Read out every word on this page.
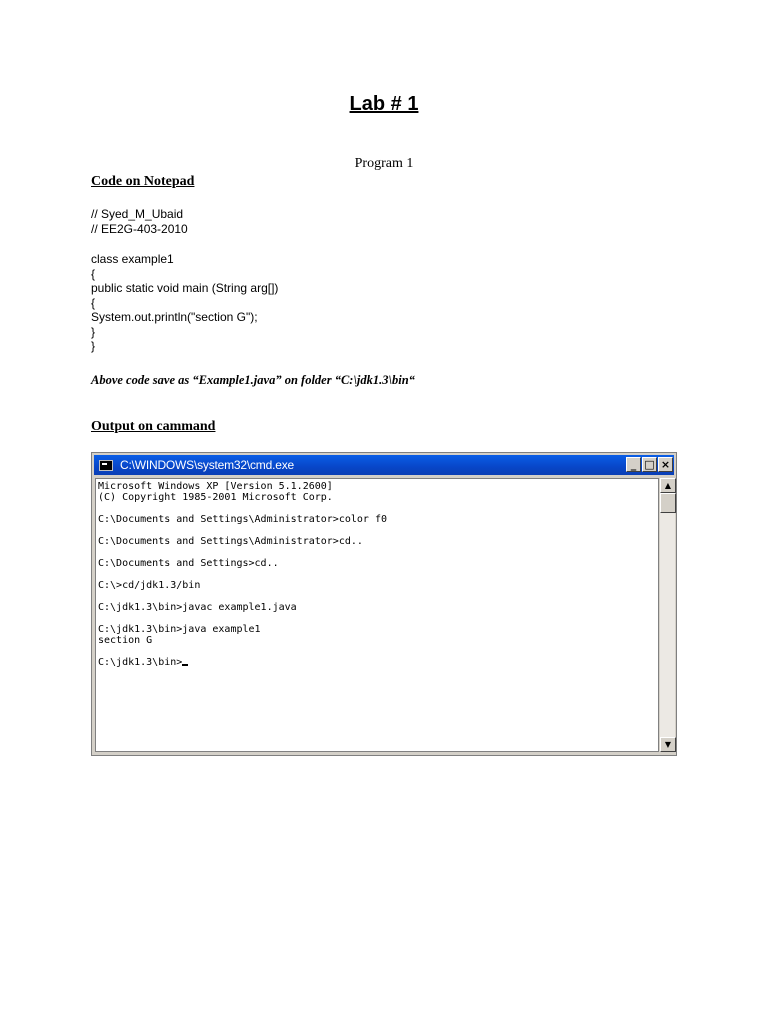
Lab # 1
Program 1
Code on Notepad
// Syed_M_Ubaid
// EE2G-403-2010
class example1
{
public static void main (String arg[])
{
System.out.println("section G");
}
}
Above code save as “Example1.java” on folder “C:\jdk1.3\bin“
Output on cammand
C:\WINDOWS\system32\cmd.exe	_ □ ×
Microsoft Windows XP [Version 5.1.2600]
(C) Copyright 1985-2001 Microsoft Corp.
C:\Documents and Settings\Administrator>color f0
C:\Documents and Settings\Administrator>cd..
C:\Documents and Settings>cd..
C:\>cd/jdk1.3/bin
C:\jdk1.3\bin>javac example1.java
C:\jdk1.3\bin>java example1
section G
C:\jdk1.3\bin>
▲
▼
